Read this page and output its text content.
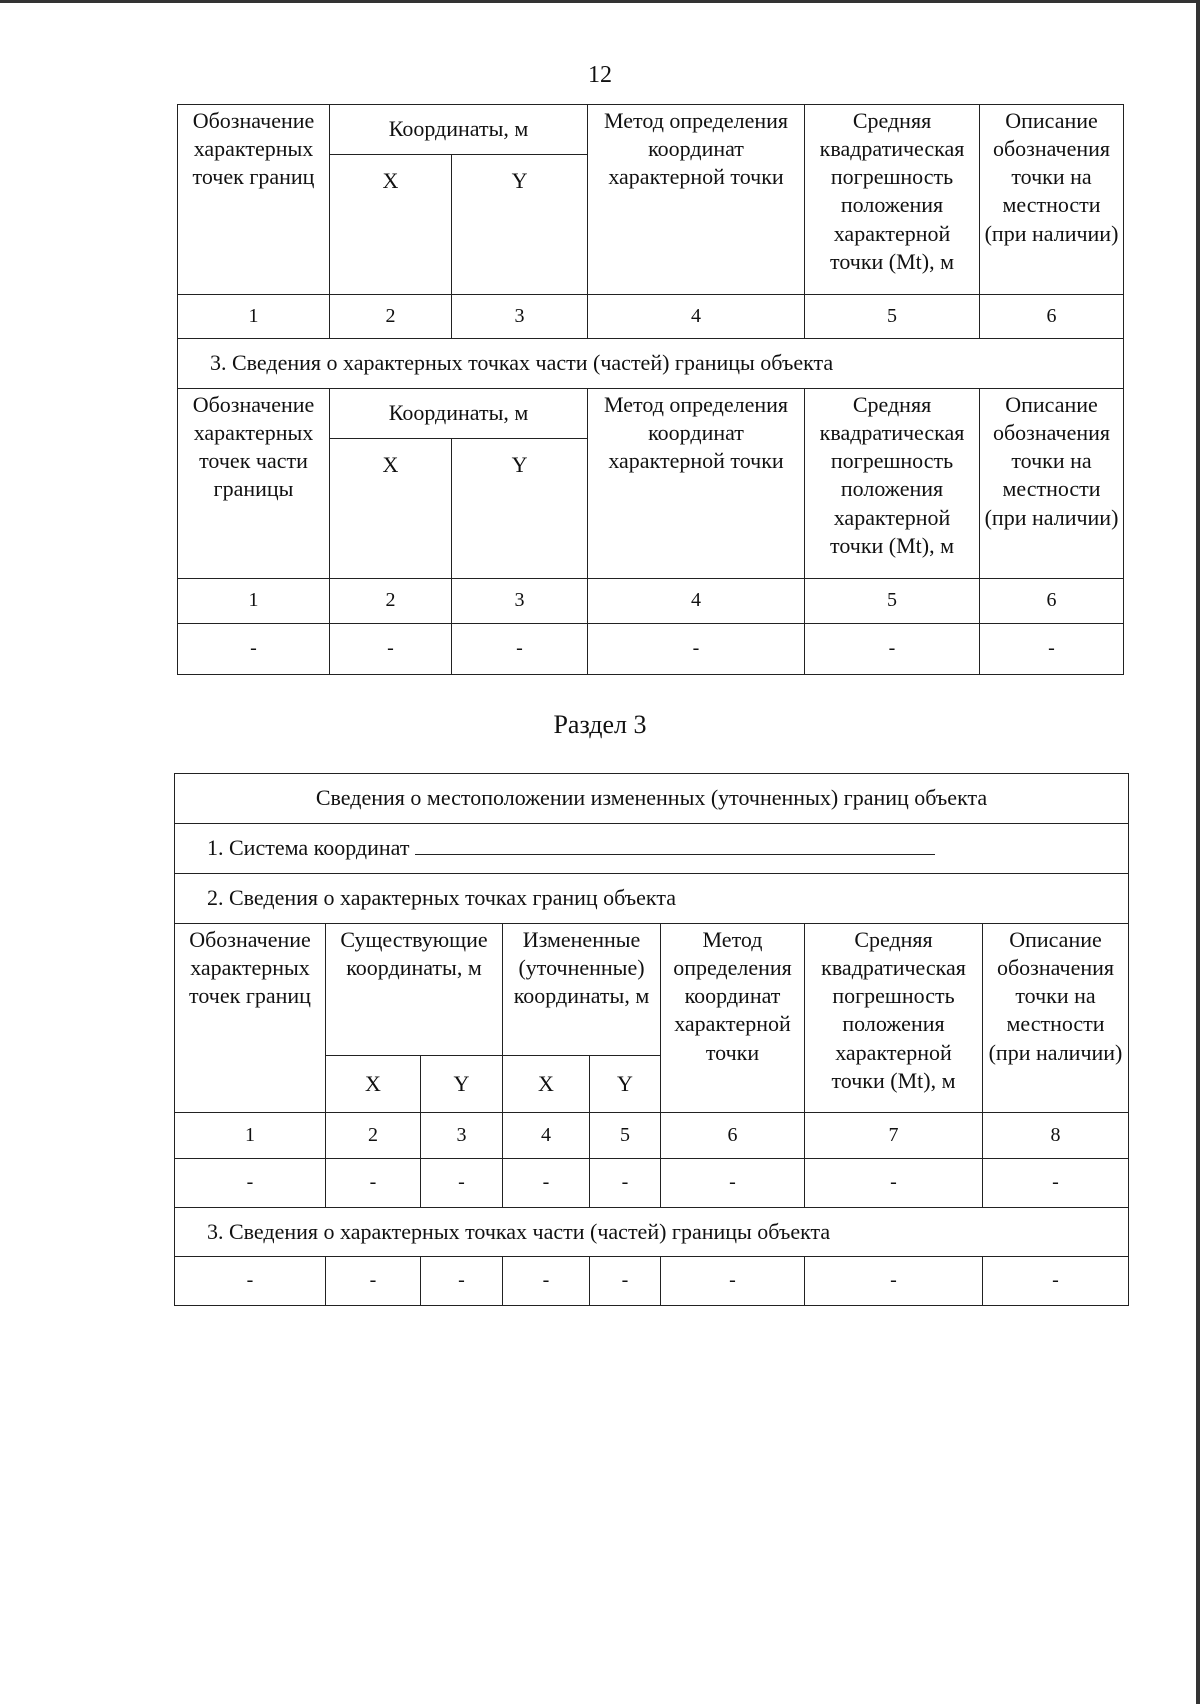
12
Обозначение характерных точек границ	Координаты, м		Метод определения координат характерной точки	Средняя квадратическая погрешность положения характерной точки (Mt), м	Описание обозначения точки на местности (при наличии)
	X	Y			
1	2	3	4	5	6
3. Сведения о характерных точках части (частей) границы объекта					
Обозначение характерных точек части границы	Координаты, м		Метод определения координат характерной точки	Средняя квадратическая погрешность положения характерной точки (Mt), м	Описание обозначения точки на местности (при наличии)
	X	Y			
1	2	3	4	5	6
-	-	-	-	-	-
Раздел 3
Сведения о местоположении измененных (уточненных) границ объекта							
1. Система координат							
2. Сведения о характерных точках границ объекта							
Обозначение характерных точек границ	Существующие координаты, м		Измененные (уточненные) координаты, м		Метод определения координат характерной точки	Средняя квадратическая погрешность положения характерной точки (Mt), м	Описание обозначения точки на местности (при наличии)
	X	Y	X	Y			
1	2	3	4	5	6	7	8
-	-	-	-	-	-	-	-
3. Сведения о характерных точках части (частей) границы объекта							
-	-	-	-	-	-	-	-
